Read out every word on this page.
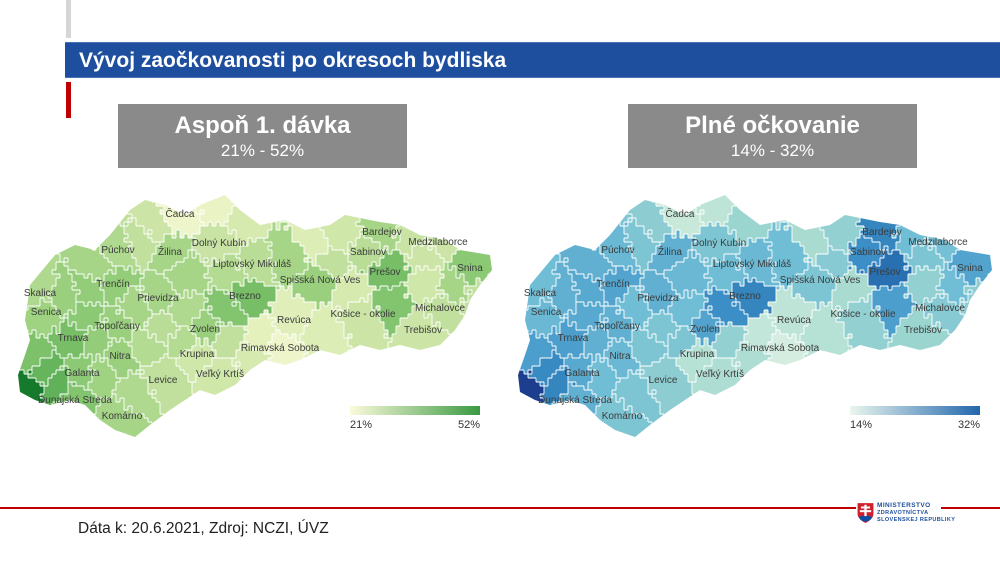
Vývoj zaočkovanosti po okresoch bydliska
Aspoň 1. dávka
21% - 52%
Plné očkovanie
14% - 32%
Čadca
Dolný Kubín
Žilina
Púchov
Liptovský Mikuláš
Bardejov
Medzilaborce
Sabinov
Prešov	Snina
Trenčín
Prievidza	Brezno
Spišská Nová Ves
Košice - okolie
Michalovce
Trebišov
Skalica
Senica
Topoľčany	Zvolen
Revúca
Rimavská Sobota
Trnava
Nitra	Krupina
Veľký Krtíš
Galanta
Levice
Dunajská Streda
Komárno
21%	52%
Čadca
Dolný Kubín
Žilina
Púchov
Liptovský Mikuláš
Bardejov
Medzilaborce
Sabinov
Prešov	Snina
Trenčín
Prievidza	Brezno
Spišská Nová Ves
Košice - okolie
Michalovce
Trebišov
Skalica
Senica
Topoľčany	Zvolen
Revúca
Rimavská Sobota
Trnava
Nitra	Krupina
Veľký Krtíš
Galanta
Levice
Dunajská Streda
Komárno
14%	32%
MINISTERSTVO
ZDRAVOTNÍCTVA
SLOVENSKEJ REPUBLIKY
Dáta k: 20.6.2021, Zdroj: NCZI, ÚVZ
